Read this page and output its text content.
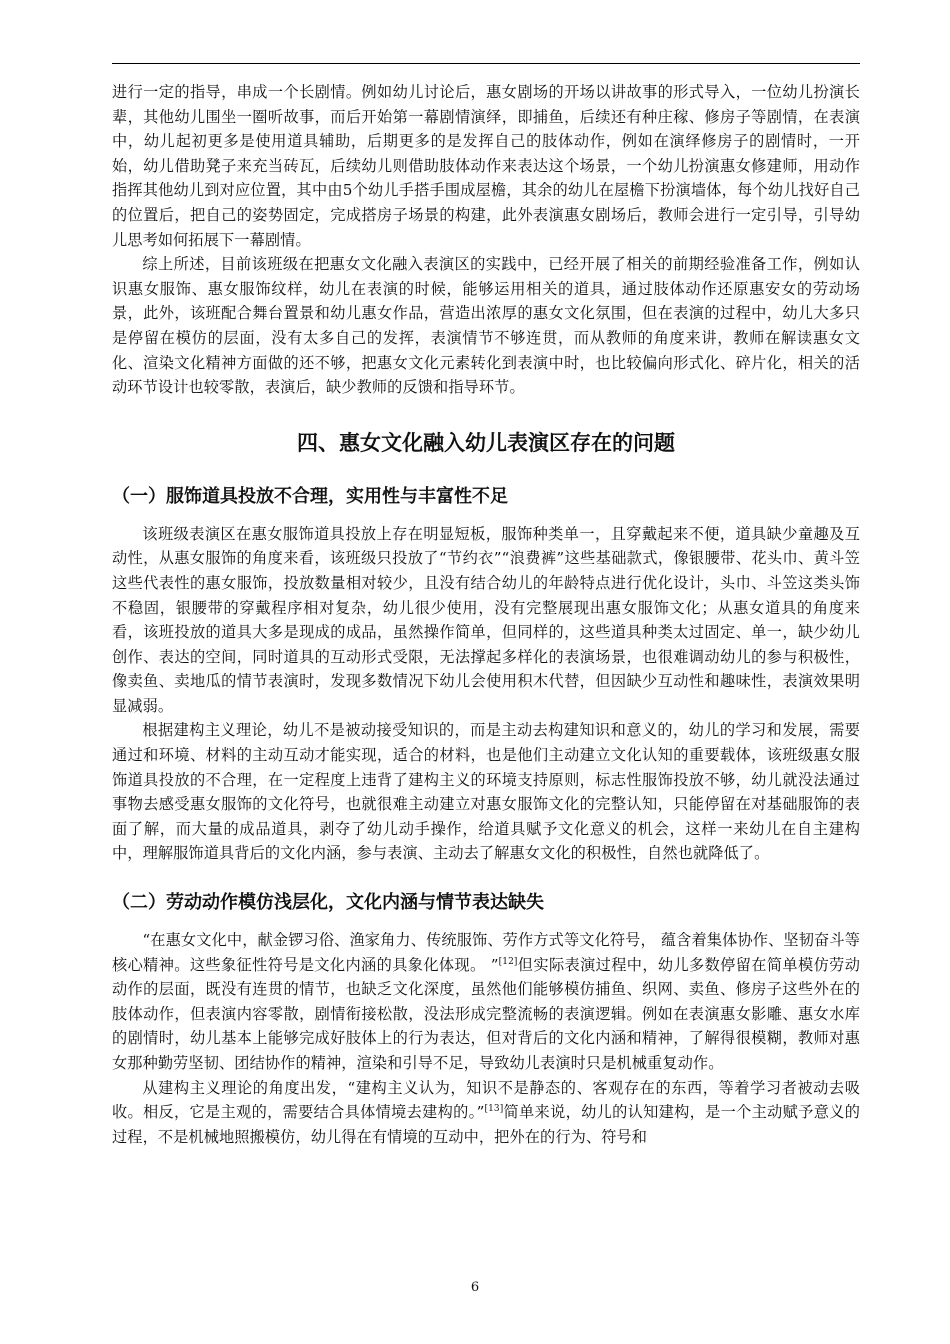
进行一定的指导，串成一个长剧情。例如幼儿讨论后，惠女剧场的开场以讲故事的形式导入，一位幼儿扮演长辈，其他幼儿围坐一圈听故事，而后开始第一幕剧情演绎，即捕鱼，后续还有种庄稼、修房子等剧情，在表演中，幼儿起初更多是使用道具辅助，后期更多的是发挥自己的肢体动作，例如在演绎修房子的剧情时，一开始，幼儿借助凳子来充当砖瓦，后续幼儿则借助肢体动作来表达这个场景，一个幼儿扮演惠女修建师，用动作指挥其他幼儿到对应位置，其中由5个幼儿手搭手围成屋檐，其余的幼儿在屋檐下扮演墙体，每个幼儿找好自己的位置后，把自己的姿势固定，完成搭房子场景的构建，此外表演惠女剧场后，教师会进行一定引导，引导幼儿思考如何拓展下一幕剧情。

综上所述，目前该班级在把惠女文化融入表演区的实践中，已经开展了相关的前期经验准备工作，例如认识惠女服饰、惠女服饰纹样，幼儿在表演的时候，能够运用相关的道具，通过肢体动作还原惠安女的劳动场景，此外，该班配合舞台置景和幼儿惠女作品，营造出浓厚的惠女文化氛围，但在表演的过程中，幼儿大多只是停留在模仿的层面，没有太多自己的发挥，表演情节不够连贯，而从教师的角度来讲，教师在解读惠女文化、渲染文化精神方面做的还不够，把惠女文化元素转化到表演中时，也比较偏向形式化、碎片化，相关的活动环节设计也较零散，表演后，缺少教师的反馈和指导环节。

四、惠女文化融入幼儿表演区存在的问题
（一）服饰道具投放不合理，实用性与丰富性不足

该班级表演区在惠女服饰道具投放上存在明显短板，服饰种类单一，且穿戴起来不便，道具缺少童趣及互动性，从惠女服饰的角度来看，该班级只投放了“节约衣”“浪费裤”这些基础款式，像银腰带、花头巾、黄斗笠这些代表性的惠女服饰，投放数量相对较少，且没有结合幼儿的年龄特点进行优化设计，头巾、斗笠这类头饰不稳固，银腰带的穿戴程序相对复杂，幼儿很少使用，没有完整展现出惠女服饰文化；从惠女道具的角度来看，该班投放的道具大多是现成的成品，虽然操作简单，但同样的，这些道具种类太过固定、单一，缺少幼儿创作、表达的空间，同时道具的互动形式受限，无法撑起多样化的表演场景，也很难调动幼儿的参与积极性，像卖鱼、卖地瓜的情节表演时，发现多数情况下幼儿会使用积木代替，但因缺少互动性和趣味性，表演效果明显减弱。

根据建构主义理论，幼儿不是被动接受知识的，而是主动去构建知识和意义的，幼儿的学习和发展，需要通过和环境、材料的主动互动才能实现，适合的材料，也是他们主动建立文化认知的重要载体，该班级惠女服饰道具投放的不合理，在一定程度上违背了建构主义的环境支持原则，标志性服饰投放不够，幼儿就没法通过事物去感受惠女服饰的文化符号，也就很难主动建立对惠女服饰文化的完整认知，只能停留在对基础服饰的表面了解，而大量的成品道具，剥夺了幼儿动手操作，给道具赋予文化意义的机会，这样一来幼儿在自主建构中，理解服饰道具背后的文化内涵，参与表演、主动去了解惠女文化的积极性，自然也就降低了。

（二）劳动动作模仿浅层化，文化内涵与情节表达缺失

“在惠女文化中，献金锣习俗、渔家角力、传统服饰、劳作方式等文化符号， 蕴含着集体协作、坚韧奋斗等核心精神。这些象征性符号是文化内涵的具象化体现。 ”[12]但实际表演过程中，幼儿多数停留在简单模仿劳动动作的层面，既没有连贯的情节，也缺乏文化深度，虽然他们能够模仿捕鱼、织网、卖鱼、修房子这些外在的肢体动作，但表演内容零散，剧情衔接松散，没法形成完整流畅的表演逻辑。例如在表演惠女影雕、惠女水库的剧情时，幼儿基本上能够完成好肢体上的行为表达，但对背后的文化内涵和精神，了解得很模糊，教师对惠女那种勤劳坚韧、团结协作的精神，渲染和引导不足，导致幼儿表演时只是机械重复动作。

从建构主义理论的角度出发，“建构主义认为，知识不是静态的、客观存在的东西，等着学习者被动去吸收。相反，它是主观的，需要结合具体情境去建构的。”[13]简单来说，幼儿的认知建构，是一个主动赋予意义的过程，不是机械地照搬模仿，幼儿得在有情境的互动中，把外在的行为、符号和

6
